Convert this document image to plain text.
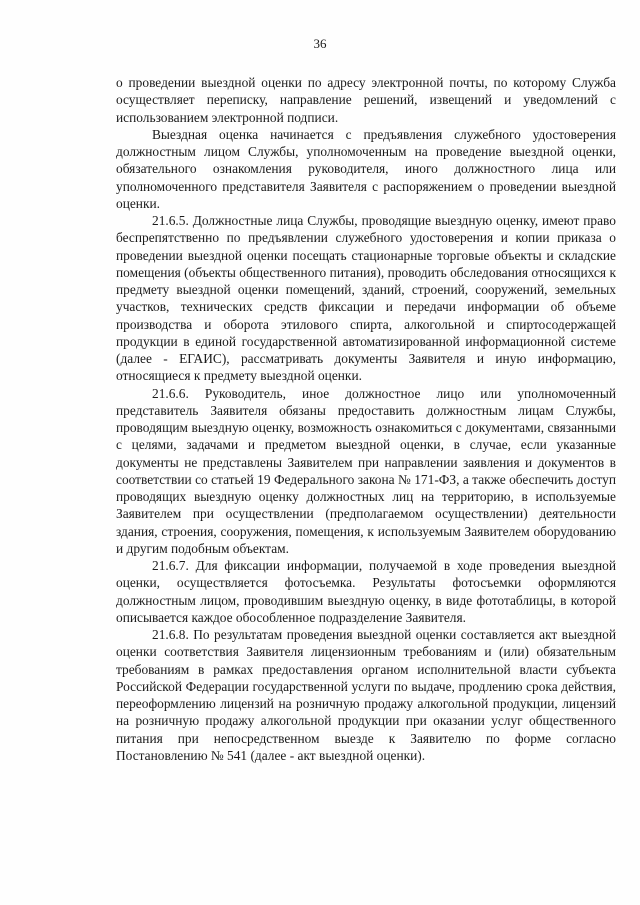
36

о проведении выездной оценки по адресу электронной почты, по которому Служба осуществляет переписку, направление решений, извещений и уведомлений с использованием электронной подписи.

Выездная оценка начинается с предъявления служебного удостоверения должностным лицом Службы, уполномоченным на проведение выездной оценки, обязательного ознакомления руководителя, иного должностного лица или уполномоченного представителя Заявителя с распоряжением о проведении выездной оценки.

21.6.5. Должностные лица Службы, проводящие выездную оценку, имеют право беспрепятственно по предъявлении служебного удостоверения и копии приказа о проведении выездной оценки посещать стационарные торговые объекты и складские помещения (объекты общественного питания), проводить обследования относящихся к предмету выездной оценки помещений, зданий, строений, сооружений, земельных участков, технических средств фиксации и передачи информации об объеме производства и оборота этилового спирта, алкогольной и спиртосодержащей продукции в единой государственной автоматизированной информационной системе (далее - ЕГАИС), рассматривать документы Заявителя и иную информацию, относящиеся к предмету выездной оценки.

21.6.6. Руководитель, иное должностное лицо или уполномоченный представитель Заявителя обязаны предоставить должностным лицам Службы, проводящим выездную оценку, возможность ознакомиться с документами, связанными с целями, задачами и предметом выездной оценки, в случае, если указанные документы не представлены Заявителем при направлении заявления и документов в соответствии со статьей 19 Федерального закона № 171-ФЗ, а также обеспечить доступ проводящих выездную оценку должностных лиц на территорию, в используемые Заявителем при осуществлении (предполагаемом осуществлении) деятельности здания, строения, сооружения, помещения, к используемым Заявителем оборудованию и другим подобным объектам.

21.6.7. Для фиксации информации, получаемой в ходе проведения выездной оценки, осуществляется фотосъемка. Результаты фотосъемки оформляются должностным лицом, проводившим выездную оценку, в виде фототаблицы, в которой описывается каждое обособленное подразделение Заявителя.

21.6.8. По результатам проведения выездной оценки составляется акт выездной оценки соответствия Заявителя лицензионным требованиям и (или) обязательным требованиям в рамках предоставления органом исполнительной власти субъекта Российской Федерации государственной услуги по выдаче, продлению срока действия, переоформлению лицензий на розничную продажу алкогольной продукции, лицензий на розничную продажу алкогольной продукции при оказании услуг общественного питания при непосредственном выезде к Заявителю по форме согласно Постановлению № 541 (далее - акт выездной оценки).
